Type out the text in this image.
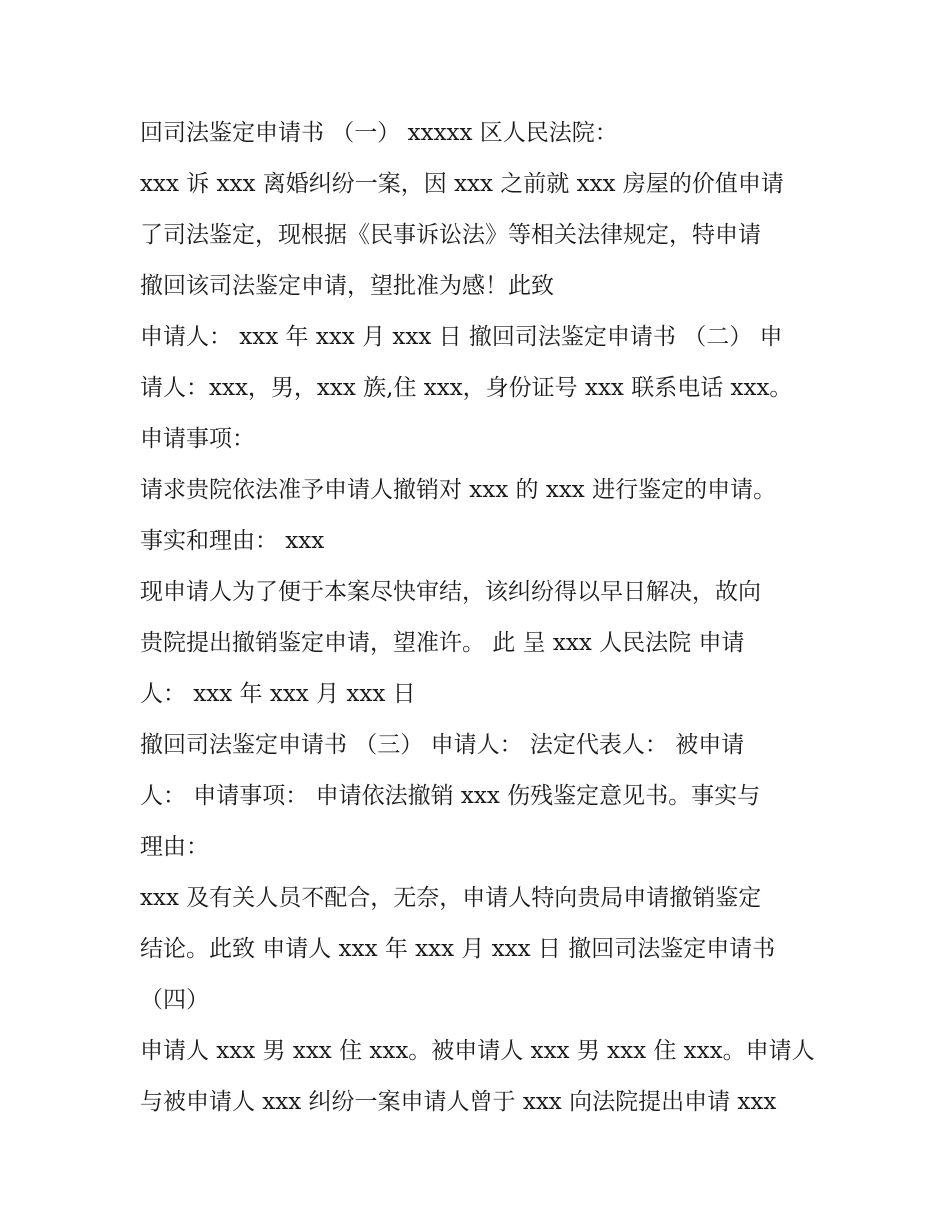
回司法鉴定申请书 （一） xxxxx 区人民法院：
xxx 诉 xxx 离婚纠纷一案，因 xxx 之前就 xxx 房屋的价值申请
了司法鉴定，现根据《民事诉讼法》等相关法律规定，特申请
撤回该司法鉴定申请，望批准为感！此致
申请人： xxx 年 xxx 月 xxx 日 撤回司法鉴定申请书 （二） 申
请人：xxx，男，xxx 族,住 xxx，身份证号 xxx 联系电话 xxx。
申请事项：
请求贵院依法准予申请人撤销对 xxx 的 xxx 进行鉴定的申请。
事实和理由： xxx
现申请人为了便于本案尽快审结，该纠纷得以早日解决，故向
贵院提出撤销鉴定申请，望准许。 此 呈 xxx 人民法院 申请
人： xxx 年 xxx 月 xxx 日
撤回司法鉴定申请书 （三） 申请人： 法定代表人： 被申请
人： 申请事项： 申请依法撤销 xxx 伤残鉴定意见书。事实与
理由：
xxx 及有关人员不配合，无奈，申请人特向贵局申请撤销鉴定
结论。此致 申请人 xxx 年 xxx 月 xxx 日 撤回司法鉴定申请书
（四）
申请人 xxx 男 xxx 住 xxx。被申请人 xxx 男 xxx 住 xxx。申请人
与被申请人 xxx 纠纷一案申请人曾于 xxx 向法院提出申请 xxx
